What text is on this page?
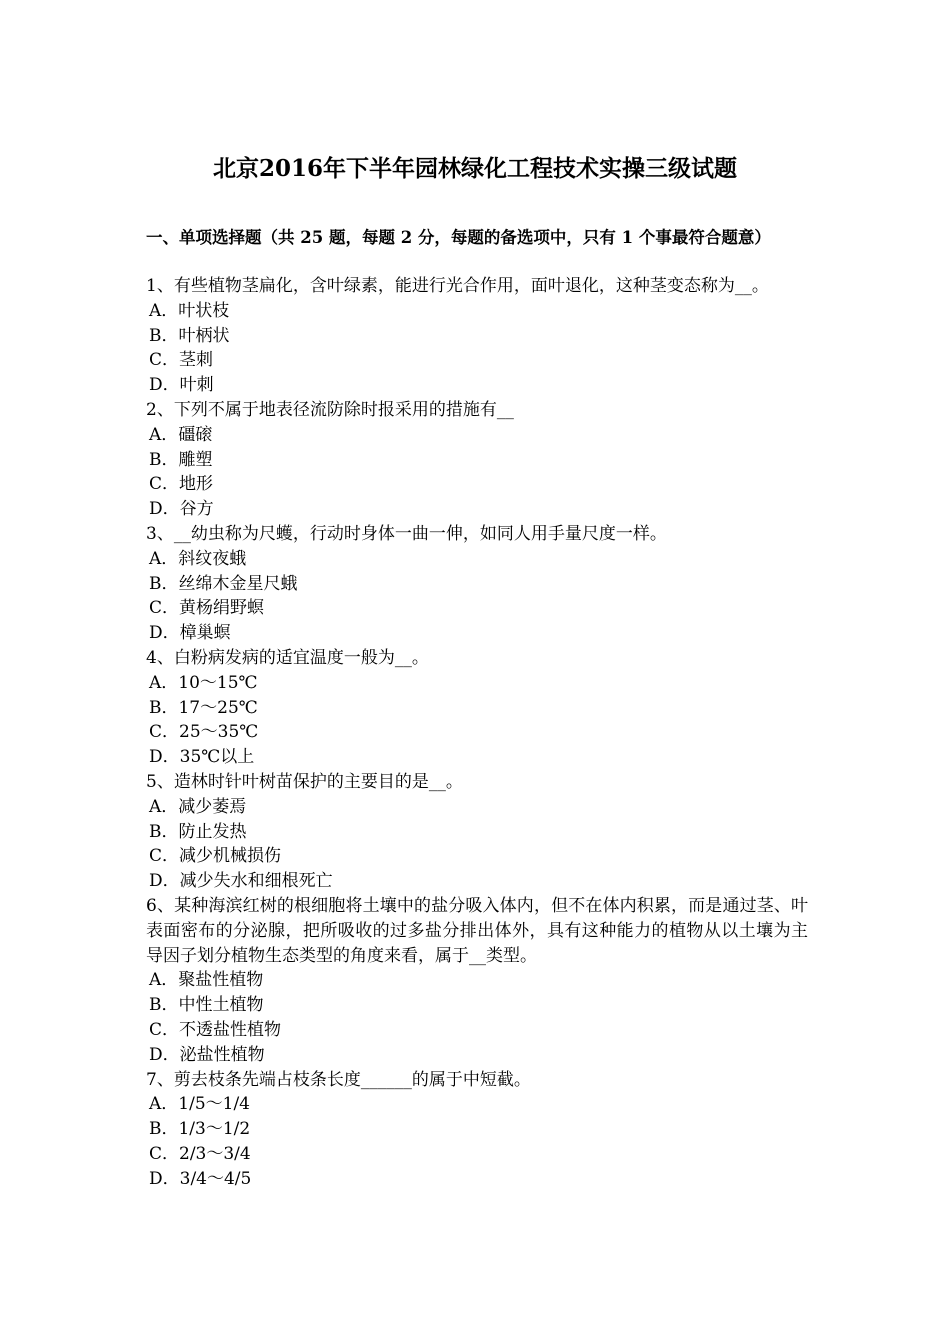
北京2016年下半年园林绿化工程技术实操三级试题
一、单项选择题（共 25 题，每题 2 分，每题的备选项中，只有 1 个事最符合题意）

1、有些植物茎扁化，含叶绿素，能进行光合作用，面叶退化，这种茎变态称为__。

A．叶状枝
B．叶柄状
C．茎刺
D．叶刺

2、下列不属于地表径流防除时报采用的措施有__

A．礓磙
B．雕塑
C．地形
D．谷方

3、__幼虫称为尺蠖，行动时身体一曲一伸，如同人用手量尺度一样。

A．斜纹夜蛾
B．丝绵木金星尺蛾
C．黄杨绢野螟
D．樟巢螟

4、白粉病发病的适宜温度一般为__。

A．10～15℃
B．17～25℃
C．25～35℃
D．35℃以上

5、造林时针叶树苗保护的主要目的是__。

A．减少萎焉
B．防止发热
C．减少机械损伤
D．减少失水和细根死亡

6、某种海滨红树的根细胞将土壤中的盐分吸入体内，但不在体内积累，而是通过茎、叶表面密布的分泌腺，把所吸收的过多盐分排出体外，具有这种能力的植物从以土壤为主导因子划分植物生态类型的角度来看，属于__类型。

A．聚盐性植物
B．中性土植物
C．不透盐性植物
D．泌盐性植物

7、剪去枝条先端占枝条长度______的属于中短截。

A．1/5～1/4
B．1/3～1/2
C．2/3～3/4
D．3/4～4/5
